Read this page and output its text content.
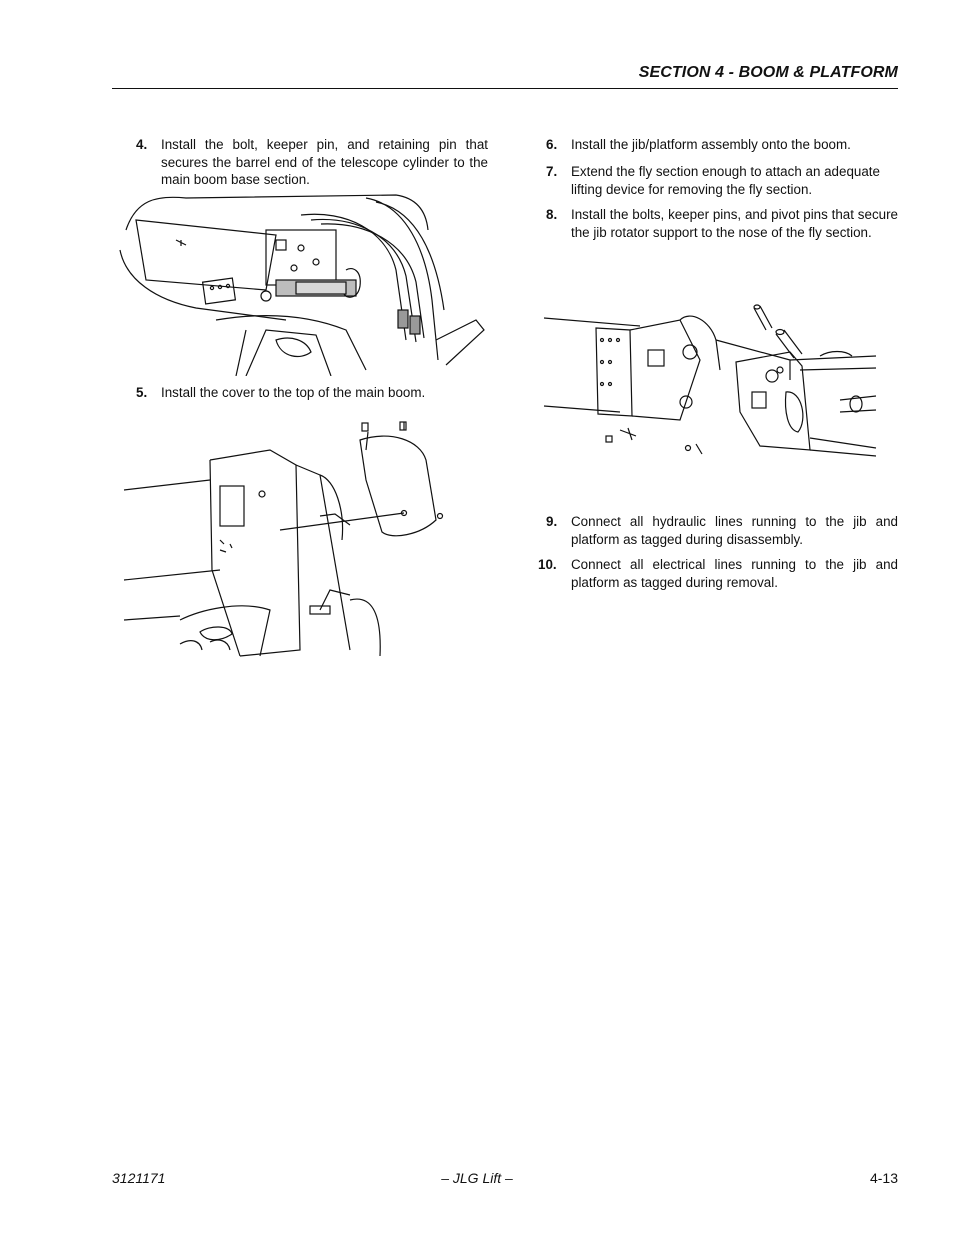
SECTION 4 - BOOM & PLATFORM
4. Install the bolt, keeper pin, and retaining pin that secures the barrel end of the telescope cylinder to the main boom base section.
5. Install the cover to the top of the main boom.
6. Install the jib/platform assembly onto the boom.
7. Extend the fly section enough to attach an adequate lifting device for removing the fly section.
8. Install the bolts, keeper pins, and pivot pins that secure the jib rotator support to the nose of the fly section.
9. Connect all hydraulic lines running to the jib and platform as tagged during disassembly.
10. Connect all electrical lines running to the jib and platform as tagged during removal.
3121171	– JLG Lift –	4-13
